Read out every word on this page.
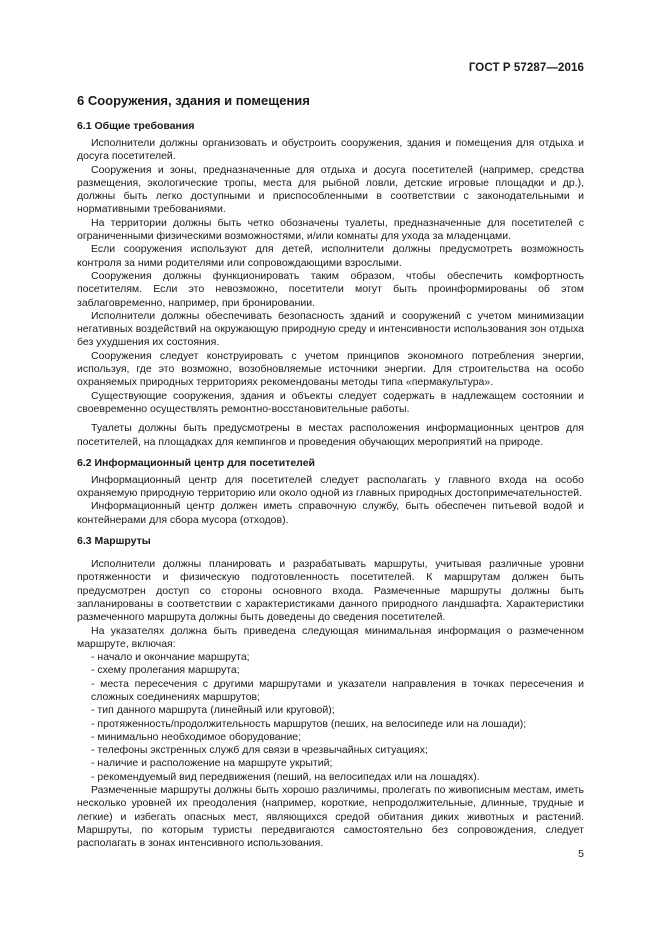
ГОСТ Р 57287—2016
6 Сооружения, здания и помещения
6.1 Общие требования

Исполнители должны организовать и обустроить сооружения, здания и помещения для отдыха и досуга посетителей.

Сооружения и зоны, предназначенные для отдыха и досуга посетителей (например, средства размещения, экологические тропы, места для рыбной ловли, детские игровые площадки и др.), должны быть легко доступными и приспособленными в соответствии с законодательными и нормативными требованиями.

На территории должны быть четко обозначены туалеты, предназначенные для посетителей с ограниченными физическими возможностями, и/или комнаты для ухода за младенцами.

Если сооружения используют для детей, исполнители должны предусмотреть возможность контроля за ними родителями или сопровождающими взрослыми.

Сооружения должны функционировать таким образом, чтобы обеспечить комфортность посетителям. Если это невозможно, посетители могут быть проинформированы об этом заблаговременно, например, при бронировании.

Исполнители должны обеспечивать безопасность зданий и сооружений с учетом минимизации негативных воздействий на окружающую природную среду и интенсивности использования зон отдыха без ухудшения их состояния.

Сооружения следует конструировать с учетом принципов экономного потребления энергии, используя, где это возможно, возобновляемые источники энергии. Для строительства на особо охраняемых природных территориях рекомендованы методы типа «пермакультура».

Существующие сооружения, здания и объекты следует содержать в надлежащем состоянии и своевременно осуществлять ремонтно-восстановительные работы.

Туалеты должны быть предусмотрены в местах расположения информационных центров для посетителей, на площадках для кемпингов и проведения обучающих мероприятий на природе.

6.2 Информационный центр для посетителей

Информационный центр для посетителей следует располагать у главного входа на особо охраняемую природную территорию или около одной из главных природных достопримечательностей.

Информационный центр должен иметь справочную службу, быть обеспечен питьевой водой и контейнерами для сбора мусора (отходов).

6.3 Маршруты

Исполнители должны планировать и разрабатывать маршруты, учитывая различные уровни протяженности и физическую подготовленность посетителей. К маршрутам должен быть предусмотрен доступ со стороны основного входа. Размеченные маршруты должны быть запланированы в соответствии с характеристиками данного природного ландшафта. Характеристики размеченного маршрута должны быть доведены до сведения посетителей.

На указателях должна быть приведена следующая минимальная информация о размеченном маршруте, включая:

- начало и окончание маршрута;
- схему пролегания маршрута;
- места пересечения с другими маршрутами и указатели направления в точках пересечения и сложных соединениях маршрутов;
- тип данного маршрута (линейный или круговой);
- протяженность/продолжительность маршрутов (пеших, на велосипеде или на лошади);
- минимально необходимое оборудование;
- телефоны экстренных служб для связи в чрезвычайных ситуациях;
- наличие и расположение на маршруте укрытий;
- рекомендуемый вид передвижения (пеший, на велосипедах или на лошадях).

Размеченные маршруты должны быть хорошо различимы, пролегать по живописным местам, иметь несколько уровней их преодоления (например, короткие, непродолжительные, длинные, трудные и легкие) и избегать опасных мест, являющихся средой обитания диких животных и растений. Маршруты, по которым туристы передвигаются самостоятельно без сопровождения, следует располагать в зонах интенсивного использования.

5
